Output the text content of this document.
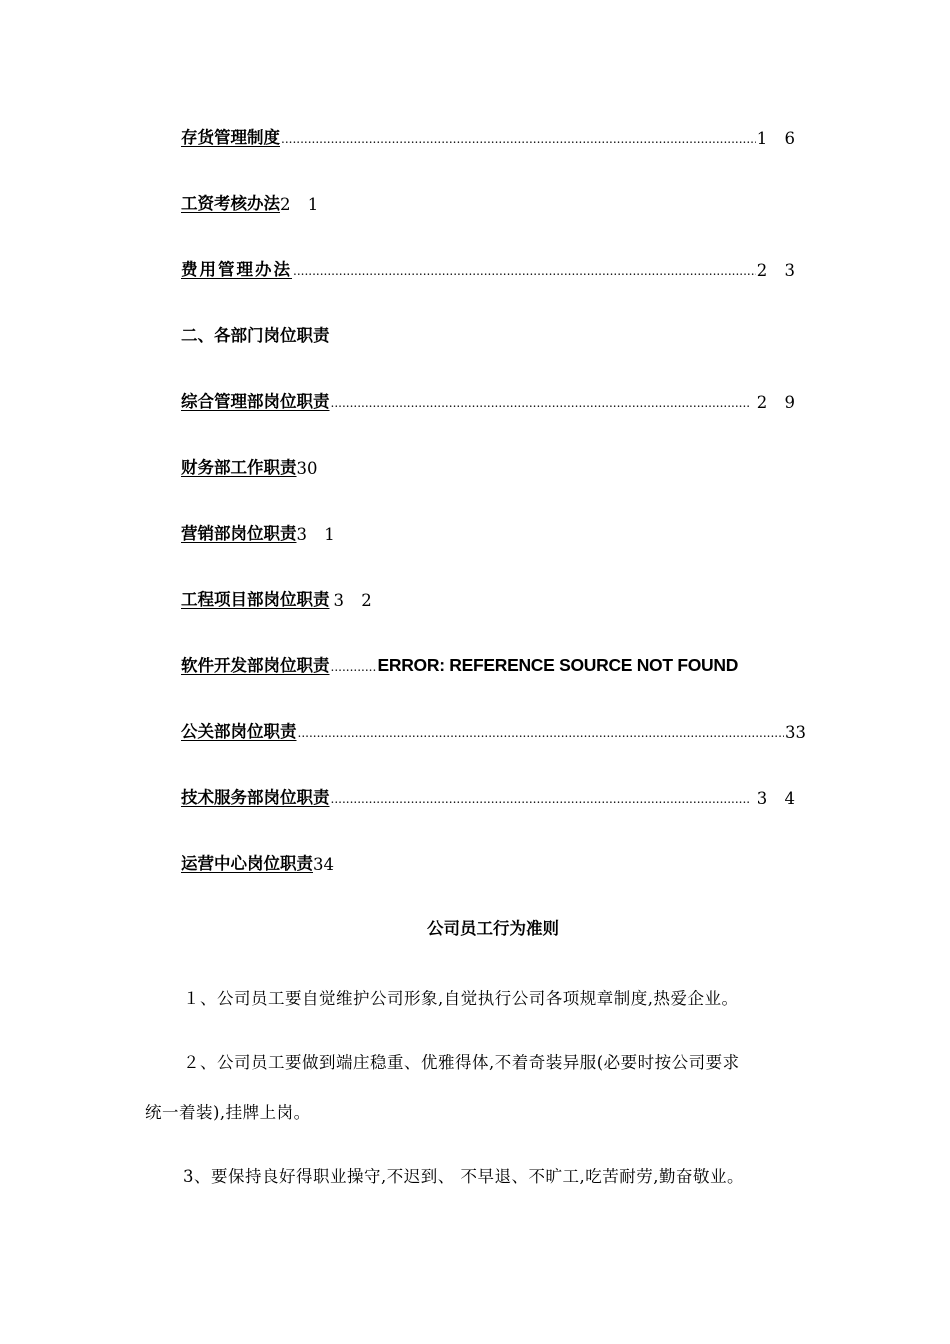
存货管理制度 .....	1 6
工资考核办法 2 1
费用管理办法 .....	2 3
二、各部门岗位职责
综合管理部岗位职责 .....	2 9
财务部工作职责 30
营销部岗位职责 3 1
工程项目部岗位职责 3 2
软件开发部岗位职责 .....	ERROR: REFERENCE SOURCE NOT FOUND
公关部岗位职责 .....	33
技术服务部岗位职责 .....	3 4
运营中心岗位职责 34
公司员工行为准则
１、公司员工要自觉维护公司形象,自觉执行公司各项规章制度,热爱企业。
２、公司员工要做到端庄稳重、优雅得体,不着奇装异服(必要时按公司要求
统一着装),挂牌上岗。
3、要保持良好得职业操守,不迟到、 不早退、不旷工,吃苦耐劳,勤奋敬业。
